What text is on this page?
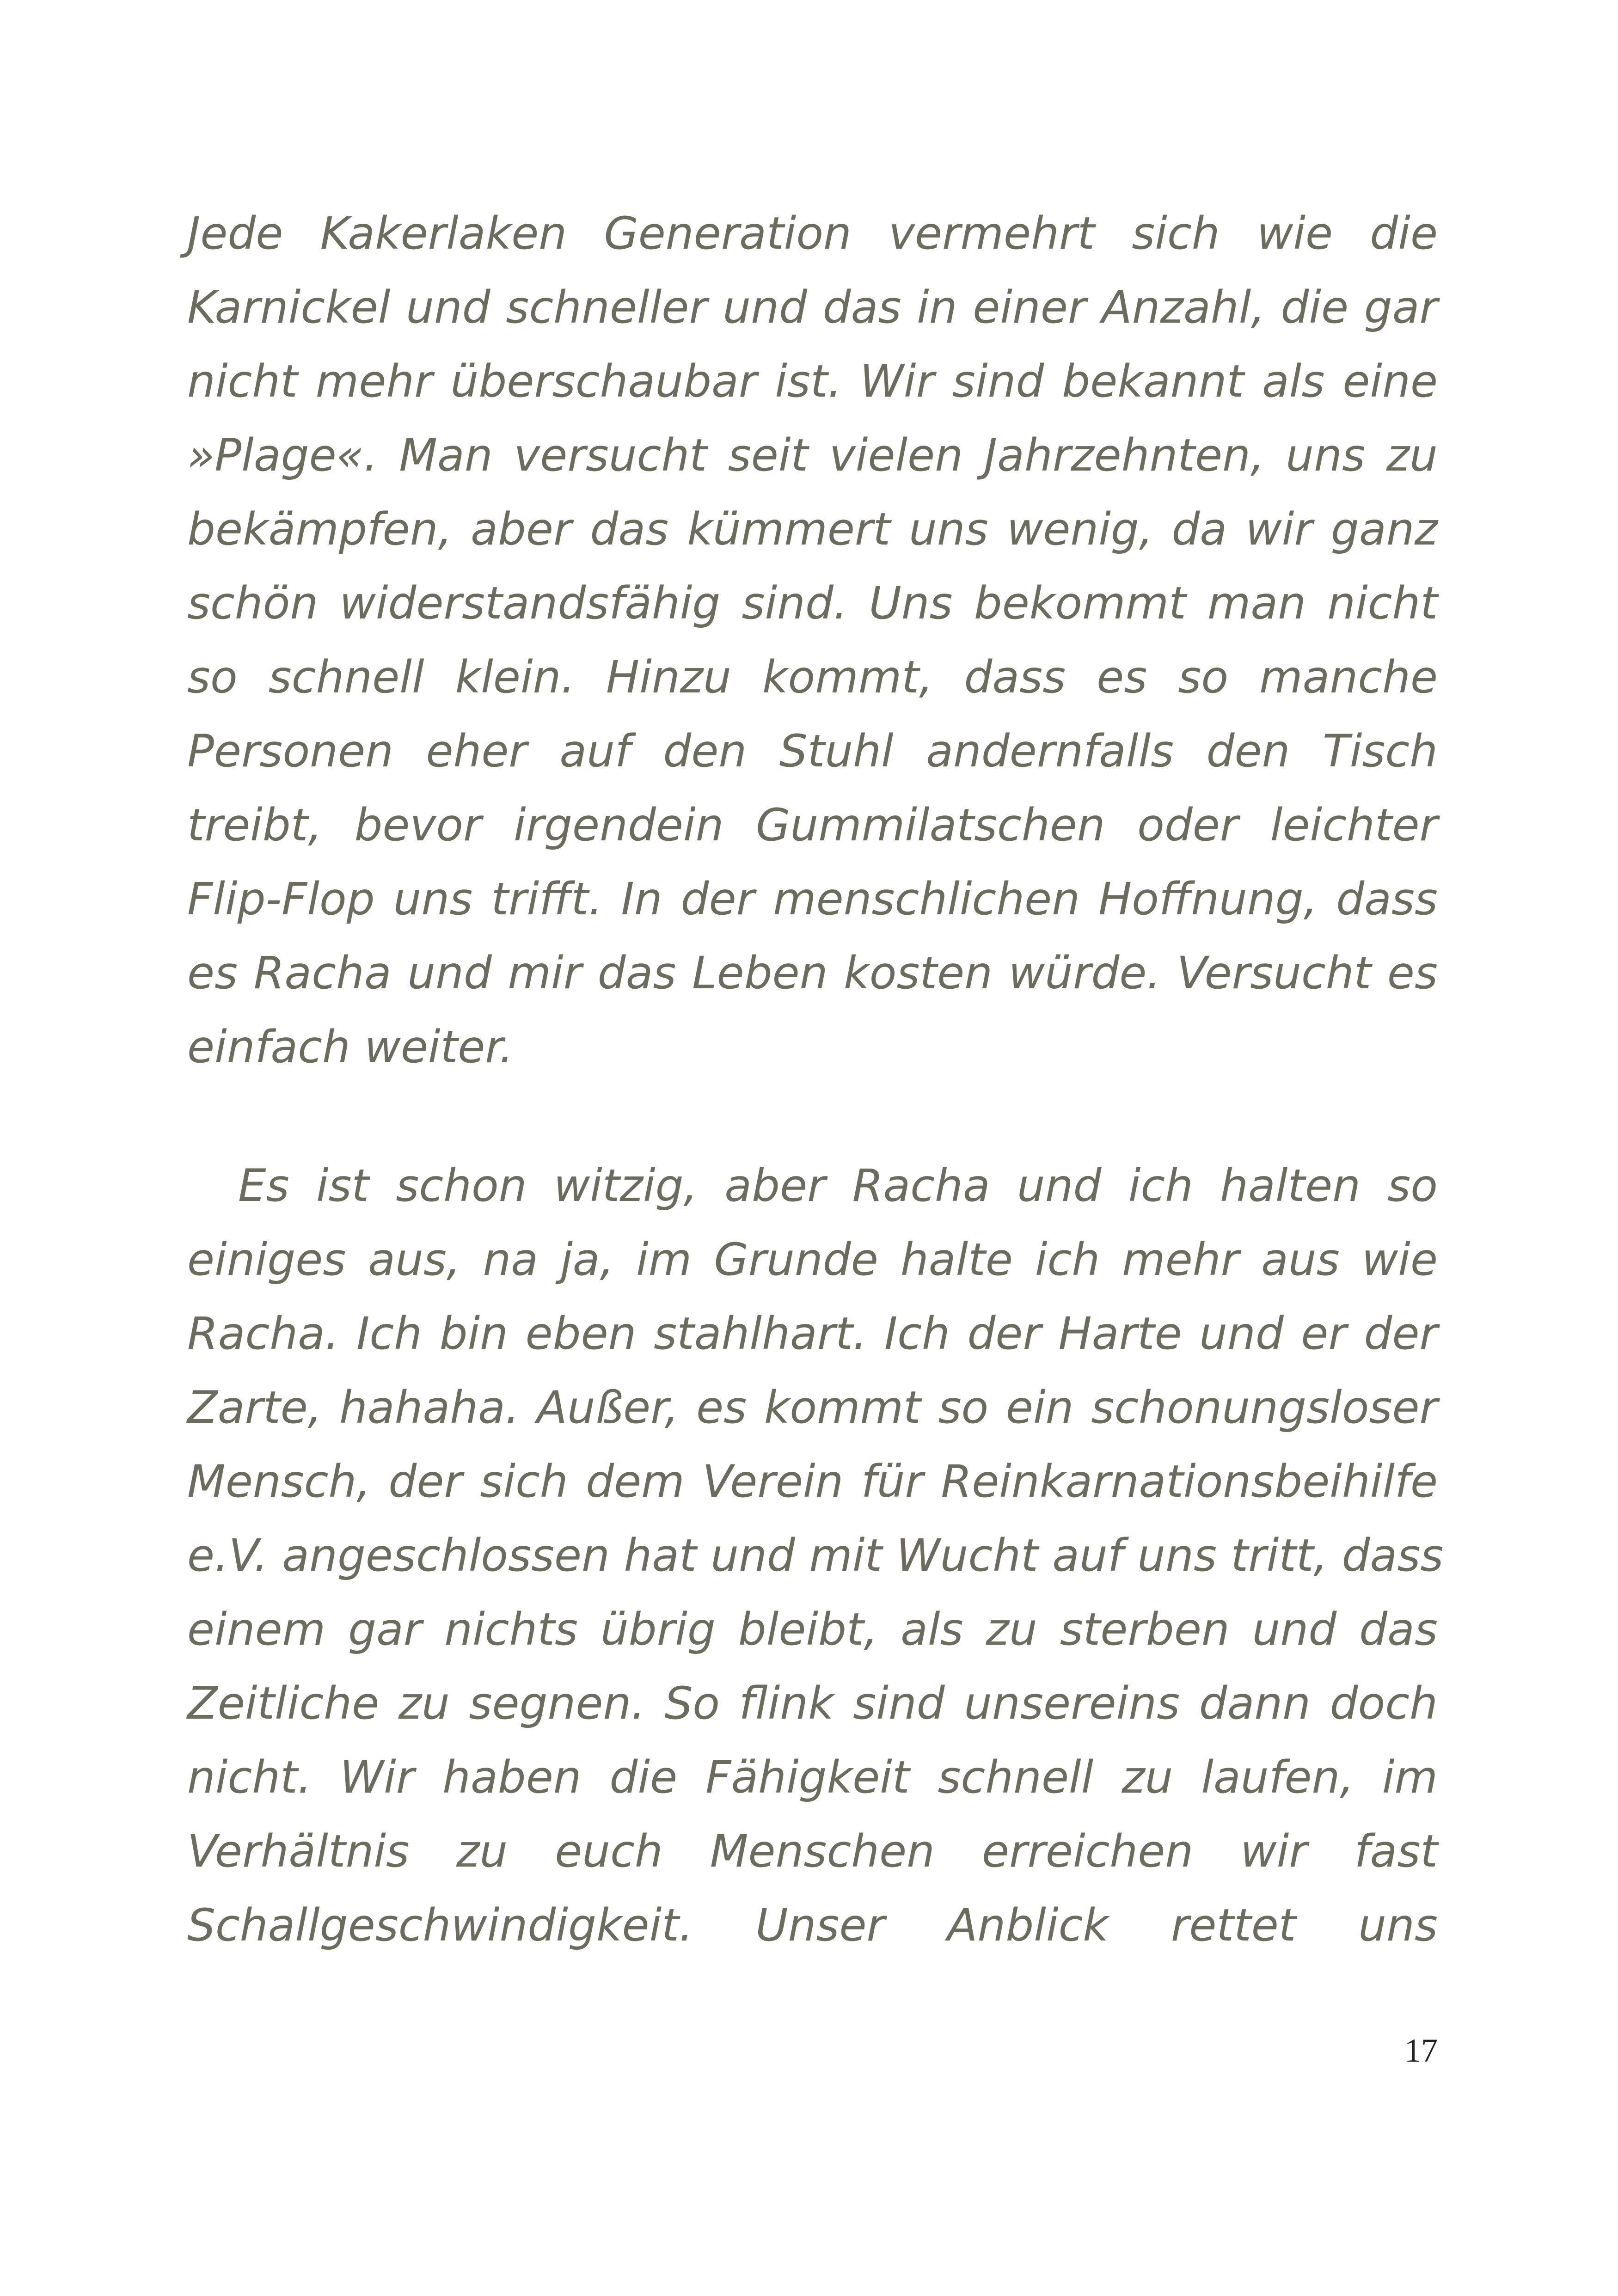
Jede Kakerlaken Generation vermehrt sich wie die
Karnickel und schneller und das in einer Anzahl, die gar
nicht mehr überschaubar ist. Wir sind bekannt als eine
»Plage«. Man versucht seit vielen Jahrzehnten, uns zu
bekämpfen, aber das kümmert uns wenig, da wir ganz
schön widerstandsfähig sind. Uns bekommt man nicht
so schnell klein. Hinzu kommt, dass es so manche
Personen eher auf den Stuhl andernfalls den Tisch
treibt, bevor irgendein Gummilatschen oder leichter
Flip-Flop uns trifft. In der menschlichen Hoffnung, dass
es Racha und mir das Leben kosten würde. Versucht es
einfach weiter.
Es ist schon witzig, aber Racha und ich halten so
einiges aus, na ja, im Grunde halte ich mehr aus wie
Racha. Ich bin eben stahlhart. Ich der Harte und er der
Zarte, hahaha. Außer, es kommt so ein schonungsloser
Mensch, der sich dem Verein für Reinkarnationsbeihilfe
e.V. angeschlossen hat und mit Wucht auf uns tritt, dass
einem gar nichts übrig bleibt, als zu sterben und das
Zeitliche zu segnen. So flink sind unsereins dann doch
nicht. Wir haben die Fähigkeit schnell zu laufen, im
Verhältnis zu euch Menschen erreichen wir fast
Schallgeschwindigkeit. Unser Anblick rettet uns
17
